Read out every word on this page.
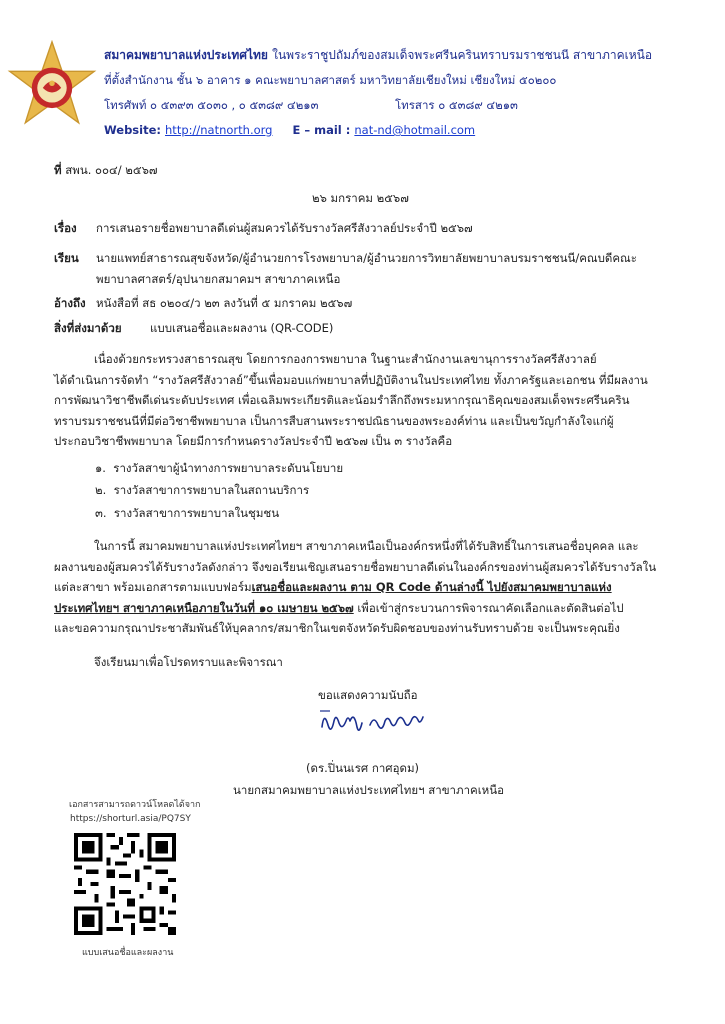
สมาคมพยาบาลแห่งประเทศไทย ในพระราชูปถัมภ์ของสมเด็จพระศรีนครินทราบรมราชชนนี สาขาภาคเหนือ
ที่ตั้งสำนักงาน ชั้น ๖ อาคาร ๑ คณะพยาบาลศาสตร์ มหาวิทยาลัยเชียงใหม่ เชียงใหม่ ๕๐๒๐๐
โทรศัพท์ ๐ ๕๓๙๓ ๕๐๓๐ , ๐ ๕๓๘๙ ๔๒๑๓	โทรสาร ๐ ๕๓๘๙ ๔๒๑๓
Website: http://natnorth.org E – mail : nat-nd@hotmail.com
ที่ สพน. ๐๐๔/ ๒๕๖๗
๒๖ มกราคม ๒๕๖๗
เรื่อง การเสนอรายชื่อพยาบาลดีเด่นผู้สมควรได้รับรางวัลศรีสังวาลย์ประจำปี ๒๕๖๗
เรียน นายแพทย์สาธารณสุขจังหวัด/ผู้อำนวยการโรงพยาบาล/ผู้อำนวยการวิทยาลัยพยาบาลบรมราชชนนี/คณบดีคณะ
พยาบาลศาสตร์/อุปนายกสมาคมฯ สาขาภาคเหนือ
อ้างถึง หนังสือที่ สธ ๐๒๐๔/ว ๒๓ ลงวันที่ ๕ มกราคม ๒๕๖๗
สิ่งที่ส่งมาด้วย แบบเสนอชื่อและผลงาน (QR-CODE)

เนื่องด้วยกระทรวงสาธารณสุข โดยการกองการพยาบาล ในฐานะสำนักงานเลขานุการรางวัลศรีสังวาลย์

ได้ดำเนินการจัดทำ “รางวัลศรีสังวาลย์”ขึ้นเพื่อมอบแก่พยาบาลที่ปฏิบัติงานในประเทศไทย ทั้งภาครัฐและเอกชน ที่มีผลงาน

การพัฒนาวิชาชีพดีเด่นระดับประเทศ เพื่อเฉลิมพระเกียรติและน้อมรำลึกถึงพระมหากรุณาธิคุณของสมเด็จพระศรีนคริน

ทราบรมราชชนนีที่มีต่อวิชาชีพพยาบาล เป็นการสืบสานพระราชปณิธานของพระองค์ท่าน และเป็นขวัญกำลังใจแก่ผู้

ประกอบวิชาชีพพยาบาล โดยมีการกำหนดรางวัลประจำปี ๒๕๖๗ เป็น ๓ รางวัลคือ

๑. รางวัลสาขาผู้นำทางการพยาบาลระดับนโยบาย
๒. รางวัลสาขาการพยาบาลในสถานบริการ
๓. รางวัลสาขาการพยาบาลในชุมชน

ในการนี้ สมาคมพยาบาลแห่งประเทศไทยฯ สาขาภาคเหนือเป็นองค์กรหนึ่งที่ได้รับสิทธิ์ในการเสนอชื่อบุคคล และ

ผลงานของผู้สมควรได้รับรางวัลดังกล่าว จึงขอเรียนเชิญเสนอรายชื่อพยาบาลดีเด่นในองค์กรของท่านผู้สมควรได้รับรางวัลใน

แต่ละสาขา พร้อมเอกสารตามแบบฟอร์มเสนอชื่อและผลงาน ตาม QR Code ด้านล่างนี้ ไปยังสมาคมพยาบาลแห่ง

ประเทศไทยฯ สาขาภาคเหนือภายในวันที่ ๑๐ เมษายน ๒๕๖๗ เพื่อเข้าสู่กระบวนการพิจารณาคัดเลือกและตัดสินต่อไป

และขอความกรุณาประชาสัมพันธ์ให้บุคลากร/สมาชิกในเขตจังหวัดรับผิดชอบของท่านรับทราบด้วย จะเป็นพระคุณยิ่ง

จึงเรียนมาเพื่อโปรดทราบและพิจารณา
ขอแสดงความนับถือ
(ดร.ปิ่นนเรศ กาศอุดม)
นายกสมาคมพยาบาลแห่งประเทศไทยฯ สาขาภาคเหนือ
เอกสารสามารถดาวน์โหลดได้จาก
https://shorturl.asia/PQ7SY
แบบเสนอชื่อและผลงาน
